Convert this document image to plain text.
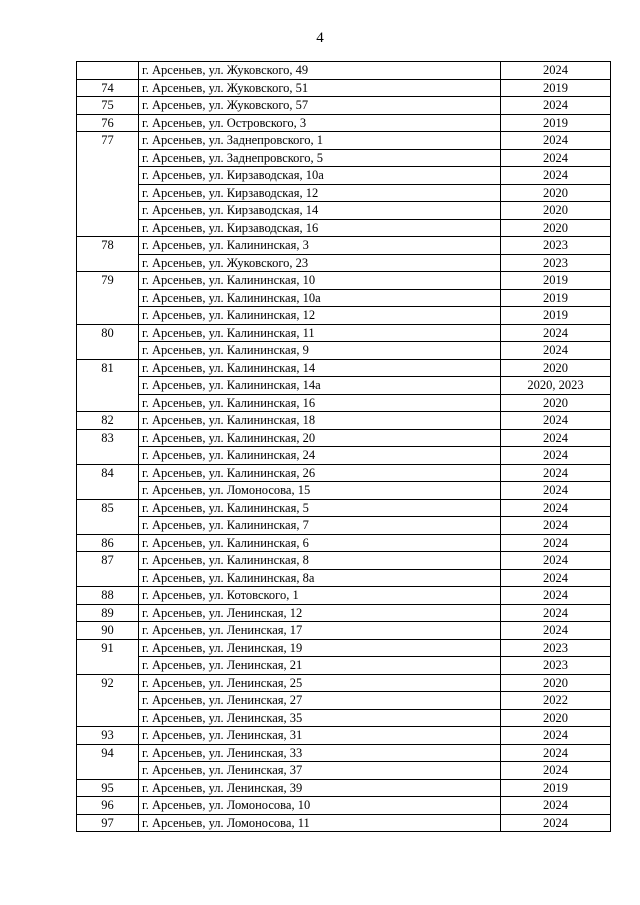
4
	г. Арсеньев, ул. Жуковского, 49	2024
74	г. Арсеньев, ул. Жуковского, 51	2019
75	г. Арсеньев, ул. Жуковского, 57	2024
76	г. Арсеньев, ул. Островского, 3	2019
77	г. Арсеньев, ул. Заднепровского, 1	2024
	г. Арсеньев, ул. Заднепровского, 5	2024
	г. Арсеньев, ул. Кирзаводская, 10а	2024
	г. Арсеньев, ул. Кирзаводская, 12	2020
	г. Арсеньев, ул. Кирзаводская, 14	2020
	г. Арсеньев, ул. Кирзаводская, 16	2020
78	г. Арсеньев, ул. Калининская, 3	2023
	г. Арсеньев, ул. Жуковского, 23	2023
79	г. Арсеньев, ул. Калининская, 10	2019
	г. Арсеньев, ул. Калининская, 10а	2019
	г. Арсеньев, ул. Калининская, 12	2019
80	г. Арсеньев, ул. Калининская, 11	2024
	г. Арсеньев, ул. Калининская, 9	2024
81	г. Арсеньев, ул. Калининская, 14	2020
	г. Арсеньев, ул. Калининская, 14а	2020, 2023
	г. Арсеньев, ул. Калининская, 16	2020
82	г. Арсеньев, ул. Калининская, 18	2024
83	г. Арсеньев, ул. Калининская, 20	2024
	г. Арсеньев, ул. Калининская, 24	2024
84	г. Арсеньев, ул. Калининская, 26	2024
	г. Арсеньев, ул. Ломоносова, 15	2024
85	г. Арсеньев, ул. Калининская, 5	2024
	г. Арсеньев, ул. Калининская, 7	2024
86	г. Арсеньев, ул. Калининская, 6	2024
87	г. Арсеньев, ул. Калининская, 8	2024
	г. Арсеньев, ул. Калининская, 8а	2024
88	г. Арсеньев, ул. Котовского, 1	2024
89	г. Арсеньев, ул. Ленинская, 12	2024
90	г. Арсеньев, ул. Ленинская, 17	2024
91	г. Арсеньев, ул. Ленинская, 19	2023
	г. Арсеньев, ул. Ленинская, 21	2023
92	г. Арсеньев, ул. Ленинская, 25	2020
	г. Арсеньев, ул. Ленинская, 27	2022
	г. Арсеньев, ул. Ленинская, 35	2020
93	г. Арсеньев, ул. Ленинская, 31	2024
94	г. Арсеньев, ул. Ленинская, 33	2024
	г. Арсеньев, ул. Ленинская, 37	2024
95	г. Арсеньев, ул. Ленинская, 39	2019
96	г. Арсеньев, ул. Ломоносова, 10	2024
97	г. Арсеньев, ул. Ломоносова, 11	2024
